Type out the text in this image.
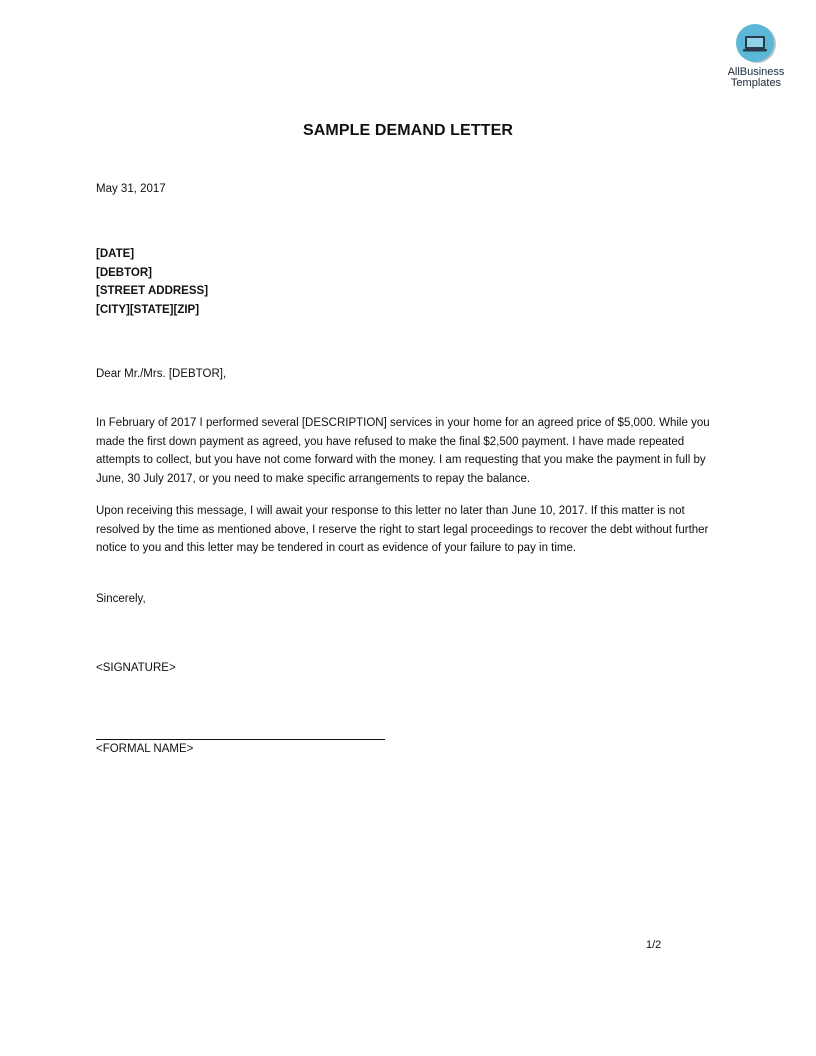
AllBusiness
Templates
SAMPLE DEMAND LETTER
May 31, 2017
[DATE]
[DEBTOR]
[STREET ADDRESS]
[CITY][STATE][ZIP]
Dear Mr./Mrs. [DEBTOR],
In February of 2017 I performed several [DESCRIPTION] services in your home for an agreed price of $5,000. While you made the first down payment as agreed, you have refused to make the final $2,500 payment. I have made repeated attempts to collect, but you have not come forward with the money. I am requesting that you make the payment in full by June, 30 July 2017, or you need to make specific arrangements to repay the balance.
Upon receiving this message, I will await your response to this letter no later than June 10, 2017. If this matter is not resolved by the time as mentioned above, I reserve the right to start legal proceedings to recover the debt without further notice to you and this letter may be tendered in court as evidence of your failure to pay in time.
Sincerely,
<SIGNATURE>
<FORMAL NAME>
1/2
